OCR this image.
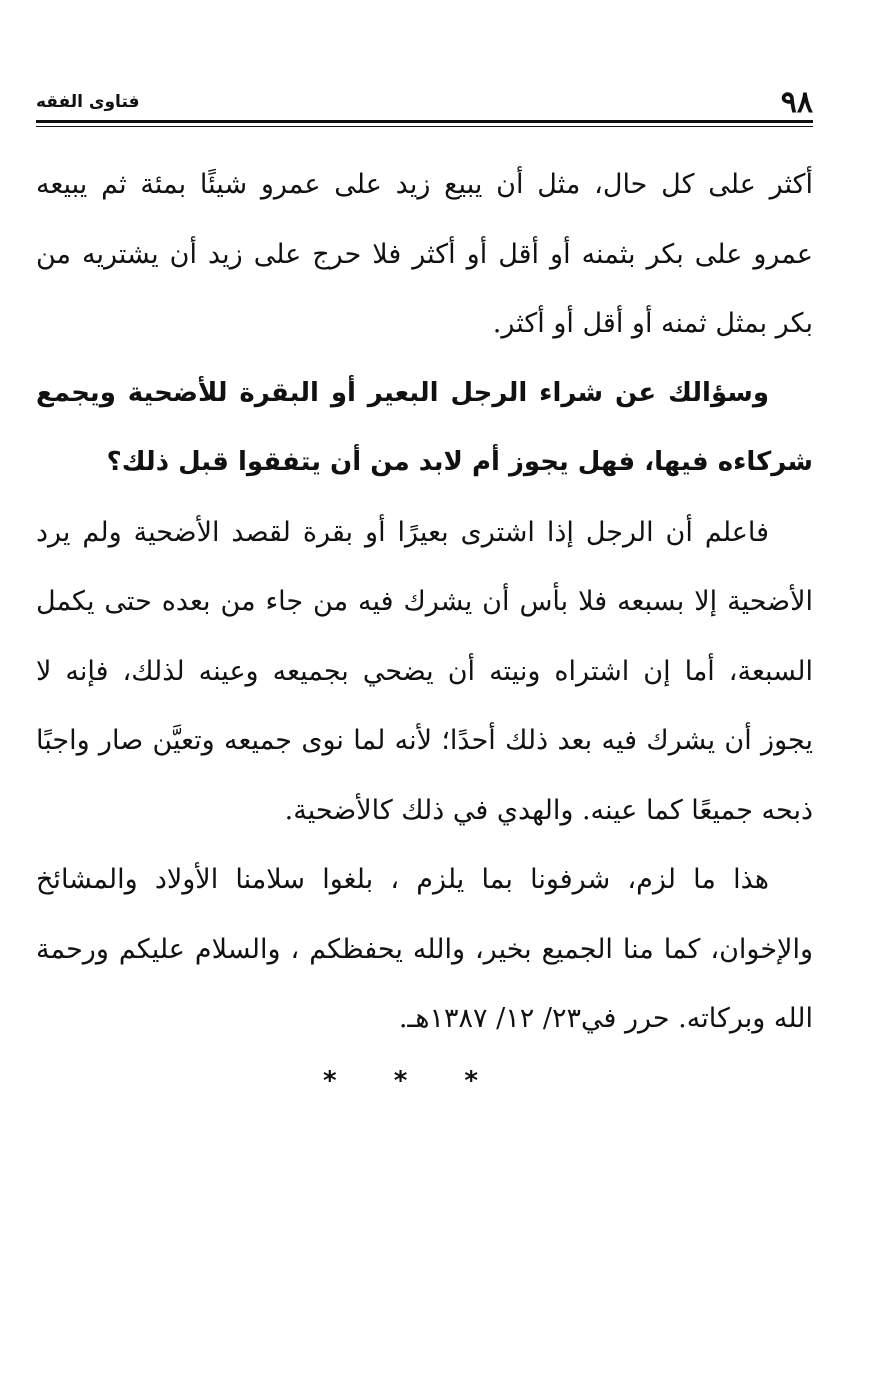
٩٨
فتاوى الفقه

أكثر على كل حال، مثل أن يبيع زيد على عمرو شيئًا بمئة ثم يبيعه عمرو على بكر بثمنه أو أقل أو أكثر فلا حرج على زيد أن يشتريه من بكر بمثل ثمنه أو أقل أو أكثر.

وسؤالك عن شراء الرجل البعير أو البقرة للأضحية ويجمع شركاءه فيها، فهل يجوز أم لابد من أن يتفقوا قبل ذلك؟

فاعلم أن الرجل إذا اشترى بعيرًا أو بقرة لقصد الأضحية ولم يرد الأضحية إلا بسبعه فلا بأس أن يشرك فيه من جاء من بعده حتى يكمل السبعة، أما إن اشتراه ونيته أن يضحي بجميعه وعينه لذلك، فإنه لا يجوز أن يشرك فيه بعد ذلك أحدًا؛ لأنه لما نوى جميعه وتعيَّن صار واجبًا ذبحه جميعًا كما عينه. والهدي في ذلك كالأضحية.

هذا ما لزم، شرفونا بما يلزم ، بلغوا سلامنا الأولاد والمشائخ والإخوان، كما منا الجميع بخير، والله يحفظكم ، والسلام عليكم ورحمة الله وبركاته. حرر في٢٣/ ١٢/ ١٣٨٧هـ.

* * *
